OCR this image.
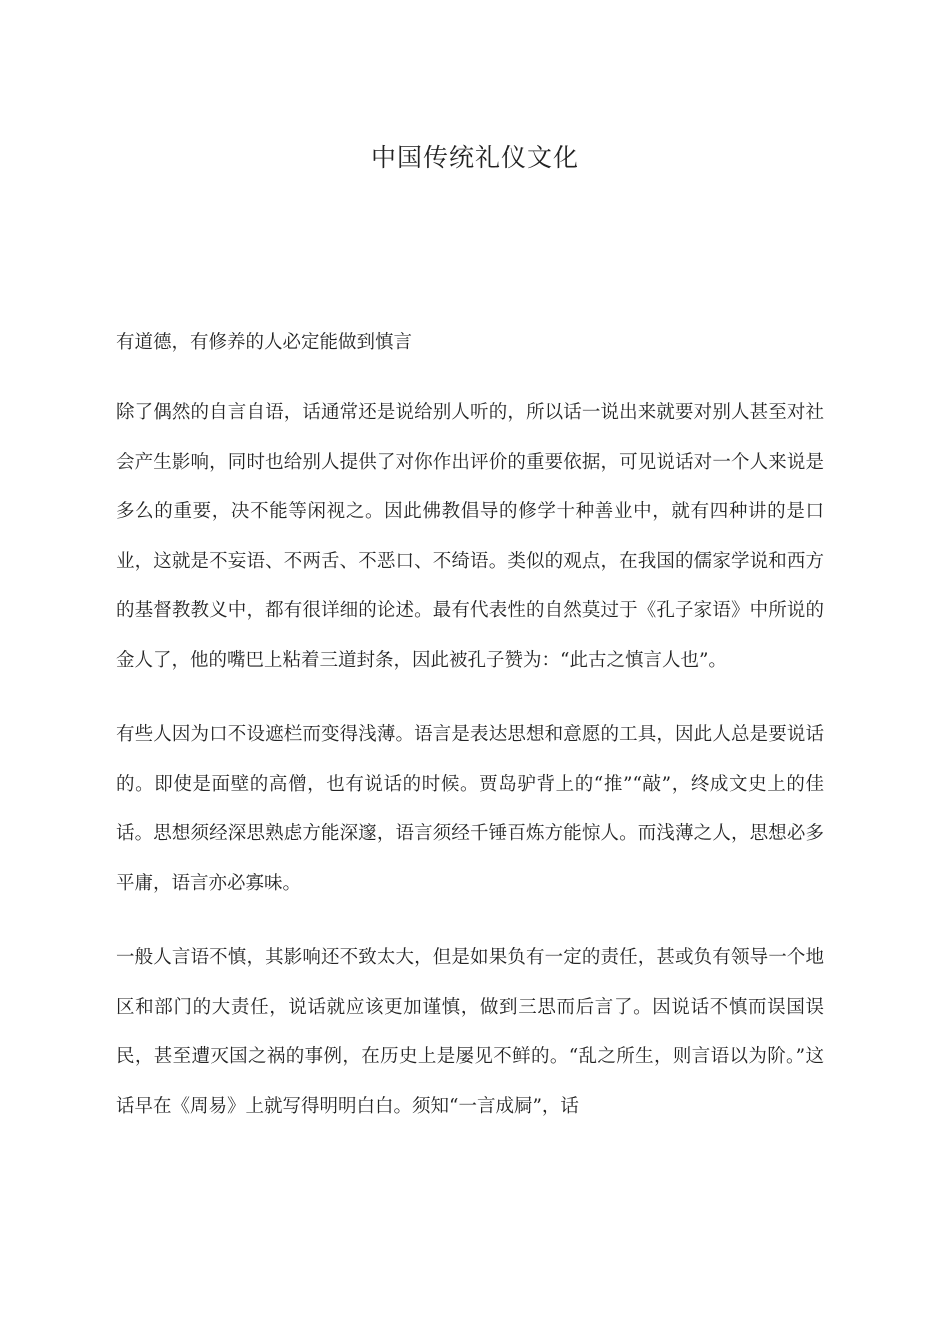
中国传统礼仪文化

有道德，有修养的人必定能做到慎言

除了偶然的自言自语，话通常还是说给别人听的，所以话一说出来就要对别人甚至对社会产生影响，同时也给别人提供了对你作出评价的重要依据，可见说话对一个人来说是多么的重要，决不能等闲视之。因此佛教倡导的修学十种善业中，就有四种讲的是口业，这就是不妄语、不两舌、不恶口、不绮语。类似的观点，在我国的儒家学说和西方的基督教教义中，都有很详细的论述。最有代表性的自然莫过于《孔子家语》中所说的金人了，他的嘴巴上粘着三道封条，因此被孔子赞为：“此古之慎言人也”。

有些人因为口不设遮栏而变得浅薄。语言是表达思想和意愿的工具，因此人总是要说话的。即使是面壁的高僧，也有说话的时候。贾岛驴背上的“推”“敲”，终成文史上的佳话。思想须经深思熟虑方能深邃，语言须经千锤百炼方能惊人。而浅薄之人，思想必多平庸，语言亦必寡味。

一般人言语不慎，其影响还不致太大，但是如果负有一定的责任，甚或负有领导一个地区和部门的大责任，说话就应该更加谨慎，做到三思而后言了。因说话不慎而误国误民，甚至遭灭国之祸的事例，在历史上是屡见不鲜的。“乱之所生，则言语以为阶。”这话早在《周易》上就写得明明白白。须知“一言成屙”，话
